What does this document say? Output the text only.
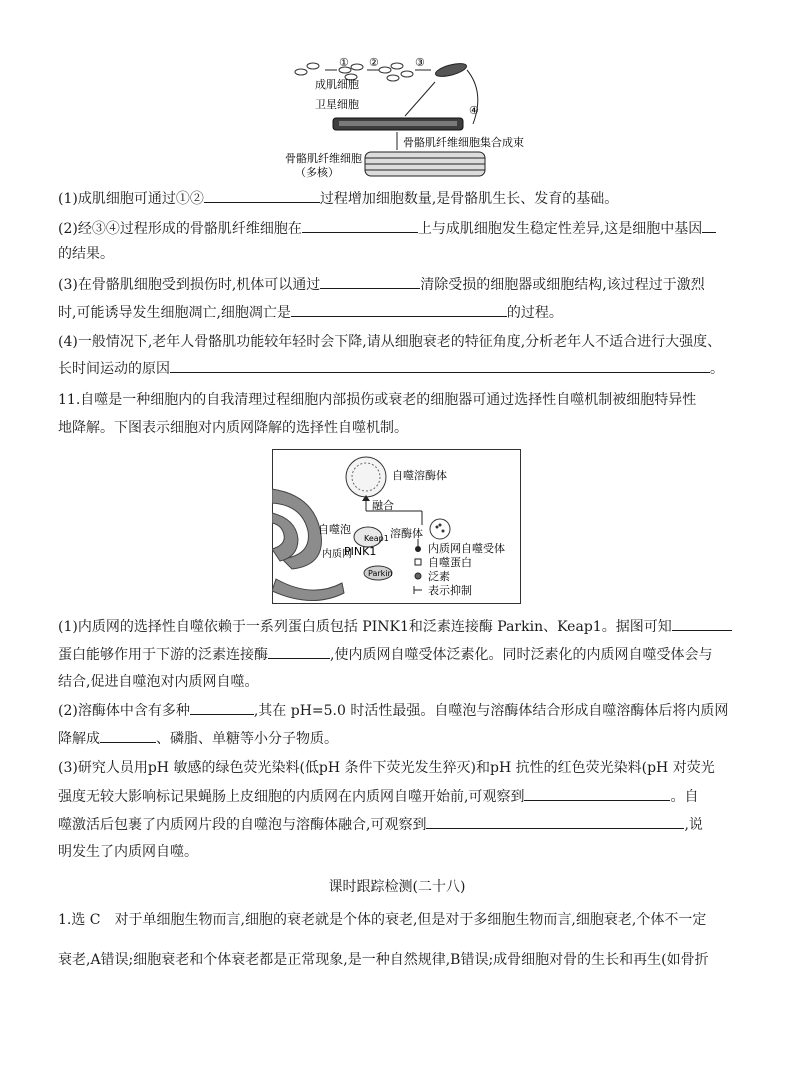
成肌细胞
卫星细胞
骨骼肌纤维细胞
（多核）
骨骼肌纤维细胞集合成束
① ②	③
④
(1)成肌细胞可通过①②	过程增加细胞数量,是骨骼肌生长、发育的基础。
(2)经③④过程形成的骨骼肌纤维细胞在	上与成肌细胞发生稳定性差异,这是细胞中基因
的结果。
(3)在骨骼肌细胞受到损伤时,机体可以通过	清除受损的细胞器或细胞结构,该过程过于激烈
时,可能诱导发生细胞凋亡,细胞凋亡是	的过程。
(4)一般情况下,老年人骨骼肌功能较年轻时会下降,请从细胞衰老的特征角度,分析老年人不适合进行大强度、
长时间运动的原因	。
11.自噬是一种细胞内的自我清理过程细胞内部损伤或衰老的细胞器可通过选择性自噬机制被细胞特异性
地降解。下图表示细胞对内质网降解的选择性自噬机制。
自噬溶酶体
融合
Keap1
自噬泡	溶酶体
内质网
PINK1
Parkin
内质网自噬受体
自噬蛋白
泛素
表示抑制
(1)内质网的选择性自噬依赖于一系列蛋白质包括 PINK1和泛素连接酶 Parkin、Keap1。据图可知
蛋白能够作用于下游的泛素连接酶	,使内质网自噬受体泛素化。同时泛素化的内质网自噬受体会与
结合,促进自噬泡对内质网自噬。
(2)溶酶体中含有多种	,其在 pH=5.0 时活性最强。自噬泡与溶酶体结合形成自噬溶酶体后将内质网
降解成	、磷脂、单糖等小分子物质。
(3)研究人员用pH 敏感的绿色荧光染料(低pH 条件下荧光发生猝灭)和pH 抗性的红色荧光染料(pH 对荧光
强度无较大影响标记果蝇肠上皮细胞的内质网在内质网自噬开始前,可观察到	。自
噬激活后包裹了内质网片段的自噬泡与溶酶体融合,可观察到	,说
明发生了内质网自噬。
课时跟踪检测(二十八)
1.选 C　对于单细胞生物而言,细胞的衰老就是个体的衰老,但是对于多细胞生物而言,细胞衰老,个体不一定
衰老,A错误;细胞衰老和个体衰老都是正常现象,是一种自然规律,B错误;成骨细胞对骨的生长和再生(如骨折
